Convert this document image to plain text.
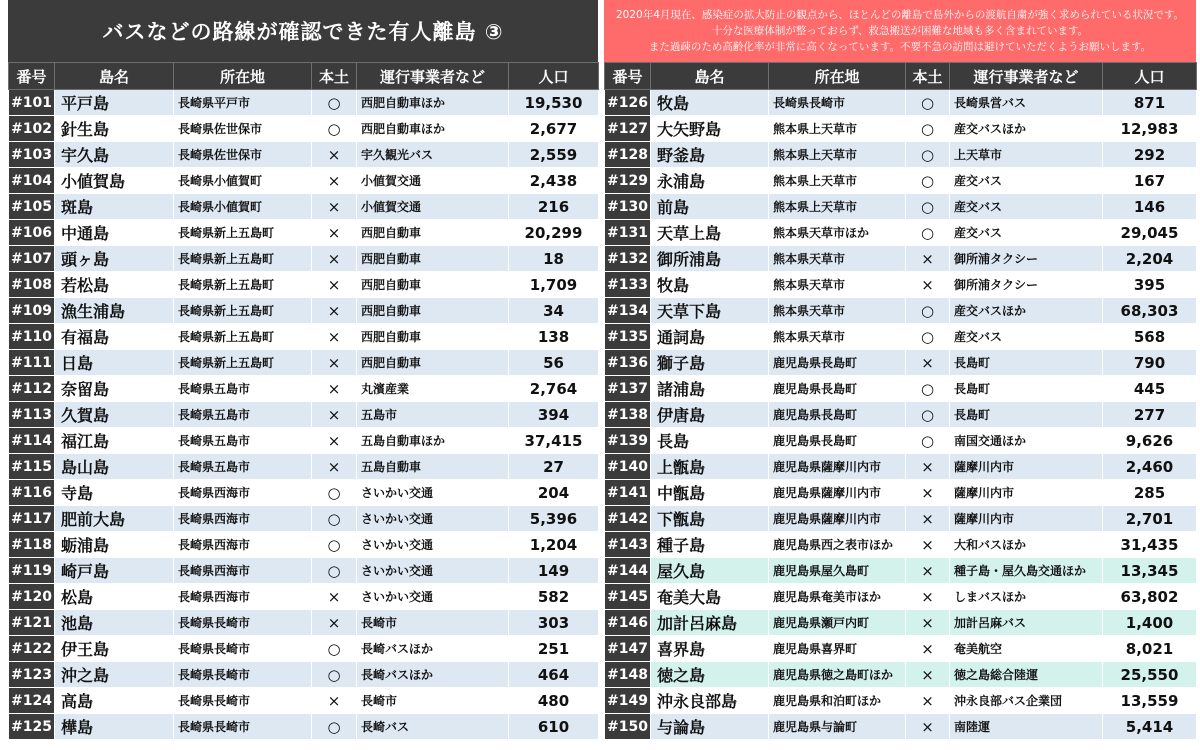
バスなどの路線が確認できた有人離島 ③
番号	島名	所在地	本土	運行事業者など	人口
#101	平戸島	長崎県平戸市	○	西肥自動車ほか	19,530
#102	針生島	長崎県佐世保市	○	西肥自動車ほか	2,677
#103	宇久島	長崎県佐世保市	×	宇久観光バス	2,559
#104	小値賀島	長崎県小値賀町	×	小値賀交通	2,438
#105	斑島	長崎県小値賀町	×	小値賀交通	216
#106	中通島	長崎県新上五島町	×	西肥自動車	20,299
#107	頭ヶ島	長崎県新上五島町	×	西肥自動車	18
#108	若松島	長崎県新上五島町	×	西肥自動車	1,709
#109	漁生浦島	長崎県新上五島町	×	西肥自動車	34
#110	有福島	長崎県新上五島町	×	西肥自動車	138
#111	日島	長崎県新上五島町	×	西肥自動車	56
#112	奈留島	長崎県五島市	×	丸濱産業	2,764
#113	久賀島	長崎県五島市	×	五島市	394
#114	福江島	長崎県五島市	×	五島自動車ほか	37,415
#115	島山島	長崎県五島市	×	五島自動車	27
#116	寺島	長崎県西海市	○	さいかい交通	204
#117	肥前大島	長崎県西海市	○	さいかい交通	5,396
#118	蛎浦島	長崎県西海市	○	さいかい交通	1,204
#119	崎戸島	長崎県西海市	○	さいかい交通	149
#120	松島	長崎県西海市	×	さいかい交通	582
#121	池島	長崎県長崎市	×	長崎市	303
#122	伊王島	長崎県長崎市	○	長崎バスほか	251
#123	沖之島	長崎県長崎市	○	長崎バスほか	464
#124	高島	長崎県長崎市	×	長崎市	480
#125	樺島	長崎県長崎市	○	長崎バス	610
2020年4月現在、感染症の拡大防止の観点から、ほとんどの離島で島外からの渡航自粛が強く求められている状況です。
十分な医療体制が整っておらず、救急搬送が困難な地域も多く含まれています。
また過疎のため高齢化率が非常に高くなっています。不要不急の訪問は避けていただくようお願いします。
番号	島名	所在地	本土	運行事業者など	人口
#126	牧島	長崎県長崎市	○	長崎県営バス	871
#127	大矢野島	熊本県上天草市	○	産交バスほか	12,983
#128	野釜島	熊本県上天草市	○	上天草市	292
#129	永浦島	熊本県上天草市	○	産交バス	167
#130	前島	熊本県上天草市	○	産交バス	146
#131	天草上島	熊本県天草市ほか	○	産交バス	29,045
#132	御所浦島	熊本県天草市	×	御所浦タクシー	2,204
#133	牧島	熊本県天草市	×	御所浦タクシー	395
#134	天草下島	熊本県天草市	○	産交バスほか	68,303
#135	通詞島	熊本県天草市	○	産交バス	568
#136	獅子島	鹿児島県長島町	×	長島町	790
#137	諸浦島	鹿児島県長島町	○	長島町	445
#138	伊唐島	鹿児島県長島町	○	長島町	277
#139	長島	鹿児島県長島町	○	南国交通ほか	9,626
#140	上甑島	鹿児島県薩摩川内市	×	薩摩川内市	2,460
#141	中甑島	鹿児島県薩摩川内市	×	薩摩川内市	285
#142	下甑島	鹿児島県薩摩川内市	×	薩摩川内市	2,701
#143	種子島	鹿児島県西之表市ほか	×	大和バスほか	31,435
#144	屋久島	鹿児島県屋久島町	×	種子島・屋久島交通ほか	13,345
#145	奄美大島	鹿児島県奄美市ほか	×	しまバスほか	63,802
#146	加計呂麻島	鹿児島県瀬戸内町	×	加計呂麻バス	1,400
#147	喜界島	鹿児島県喜界町	×	奄美航空	8,021
#148	徳之島	鹿児島県徳之島町ほか	×	徳之島総合陸運	25,550
#149	沖永良部島	鹿児島県和泊町ほか	×	沖永良部バス企業団	13,559
#150	与論島	鹿児島県与論町	×	南陸運	5,414
